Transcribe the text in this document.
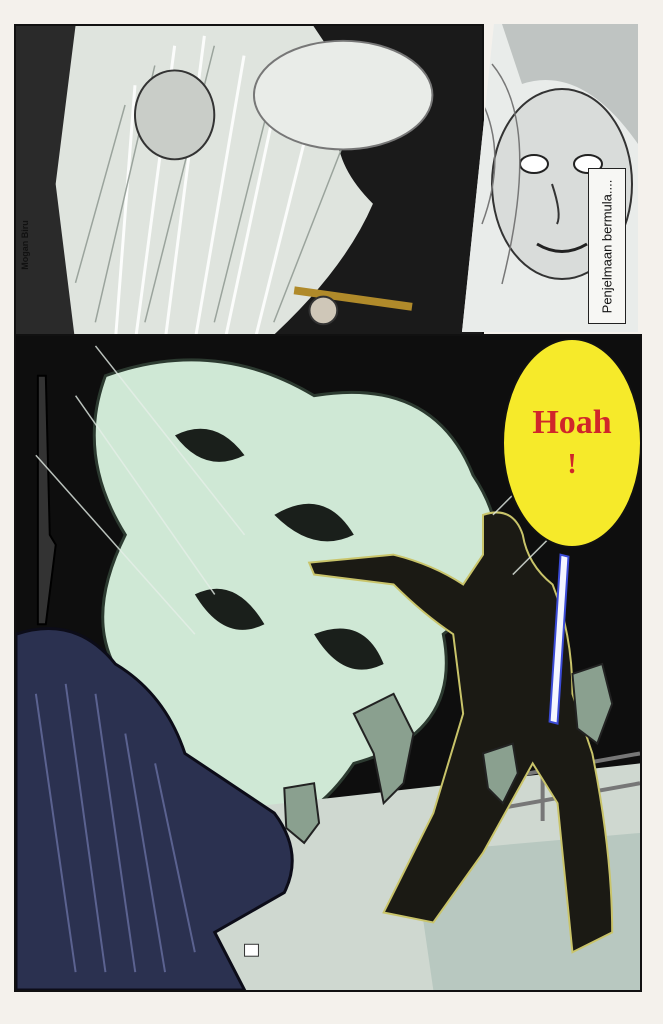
Mogan Biru	Penjelmaan bermula....
Hoah
!
